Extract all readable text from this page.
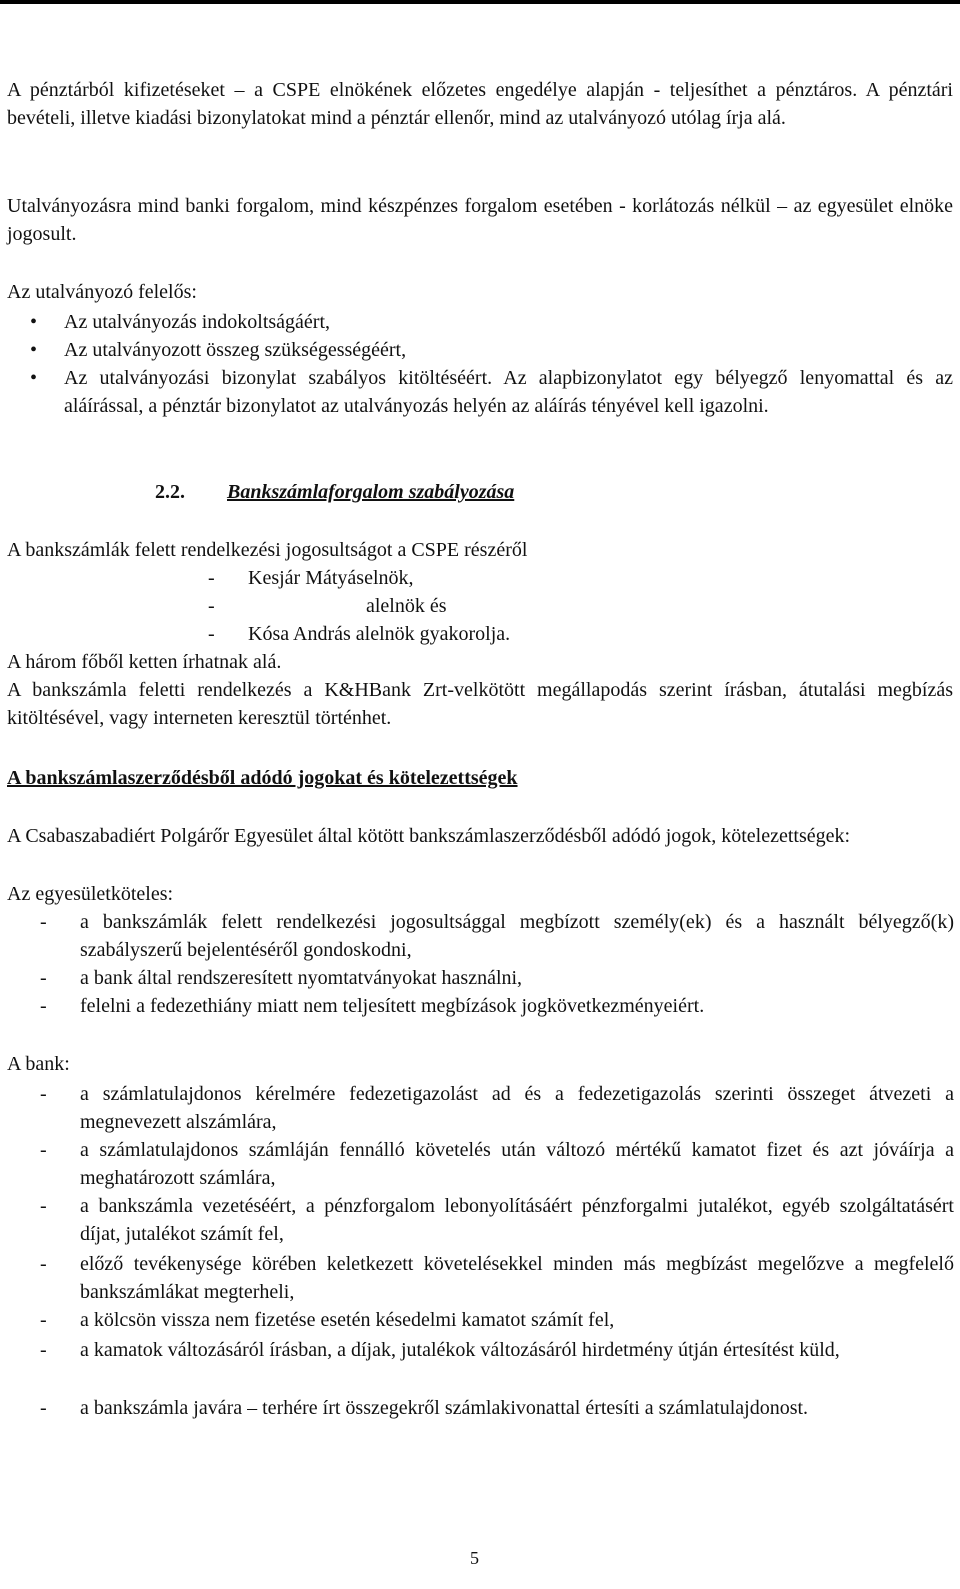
A pénztárból kifizetéseket – a CSPE elnökének előzetes engedélye alapján - teljesíthet a pénztáros. A pénztári bevételi, illetve kiadási bizonylatokat mind a pénztár ellenőr, mind az utalványozó utólag írja alá.

Utalványozásra mind banki forgalom, mind készpénzes forgalom esetében - korlátozás nélkül – az egyesület elnöke jogosult.

Az utalványozó felelős:

• Az utalványozás indokoltságáért,
• Az utalványozott összeg szükségességéért,
• Az utalványozási bizonylat szabályos kitöltéséért. Az alapbizonylatot egy bélyegző lenyomattal és az aláírással, a pénztár bizonylatot az utalványozás helyén az aláírás tényével kell igazolni.
2.2. Bankszámlaforgalom szabályozása

A bankszámlák felett rendelkezési jogosultságot a CSPE részéről

- Kesjár Mátyáselnök,
-	alelnök és
- Kósa András alelnök gyakorolja.

A három főből ketten írhatnak alá.

A bankszámla feletti rendelkezés a K&HBank Zrt-velkötött megállapodás szerint írásban, átutalási megbízás kitöltésével, vagy interneten keresztül történhet.

A bankszámlaszerződésből adódó jogokat és kötelezettségek

A Csabaszabadiért Polgárőr Egyesület által kötött bankszámlaszerződésből adódó jogok, kötelezettségek:

Az egyesületköteles:

- a bankszámlák felett rendelkezési jogosultsággal megbízott személy(ek) és a használt bélyegző(k) szabályszerű bejelentéséről gondoskodni,
- a bank által rendszeresített nyomtatványokat használni,
- felelni a fedezethiány miatt nem teljesített megbízások jogkövetkezményeiért.

A bank:

- a számlatulajdonos kérelmére fedezetigazolást ad és a fedezetigazolás szerinti összeget átvezeti a megnevezett alszámlára,
- a számlatulajdonos számláján fennálló követelés után változó mértékű kamatot fizet és azt jóváírja a meghatározott számlára,
- a bankszámla vezetéséért, a pénzforgalom lebonyolításáért pénzforgalmi jutalékot, egyéb szolgáltatásért díjat, jutalékot számít fel,
- előző tevékenysége körében keletkezett követelésekkel minden más megbízást megelőzve a megfelelő bankszámlákat megterheli,
- a kölcsön vissza nem fizetése esetén késedelmi kamatot számít fel,
- a kamatok változásáról írásban, a díjak, jutalékok változásáról hirdetmény útján értesítést küld,
- a bankszámla javára – terhére írt összegekről számlakivonattal értesíti a számlatulajdonost.
5
